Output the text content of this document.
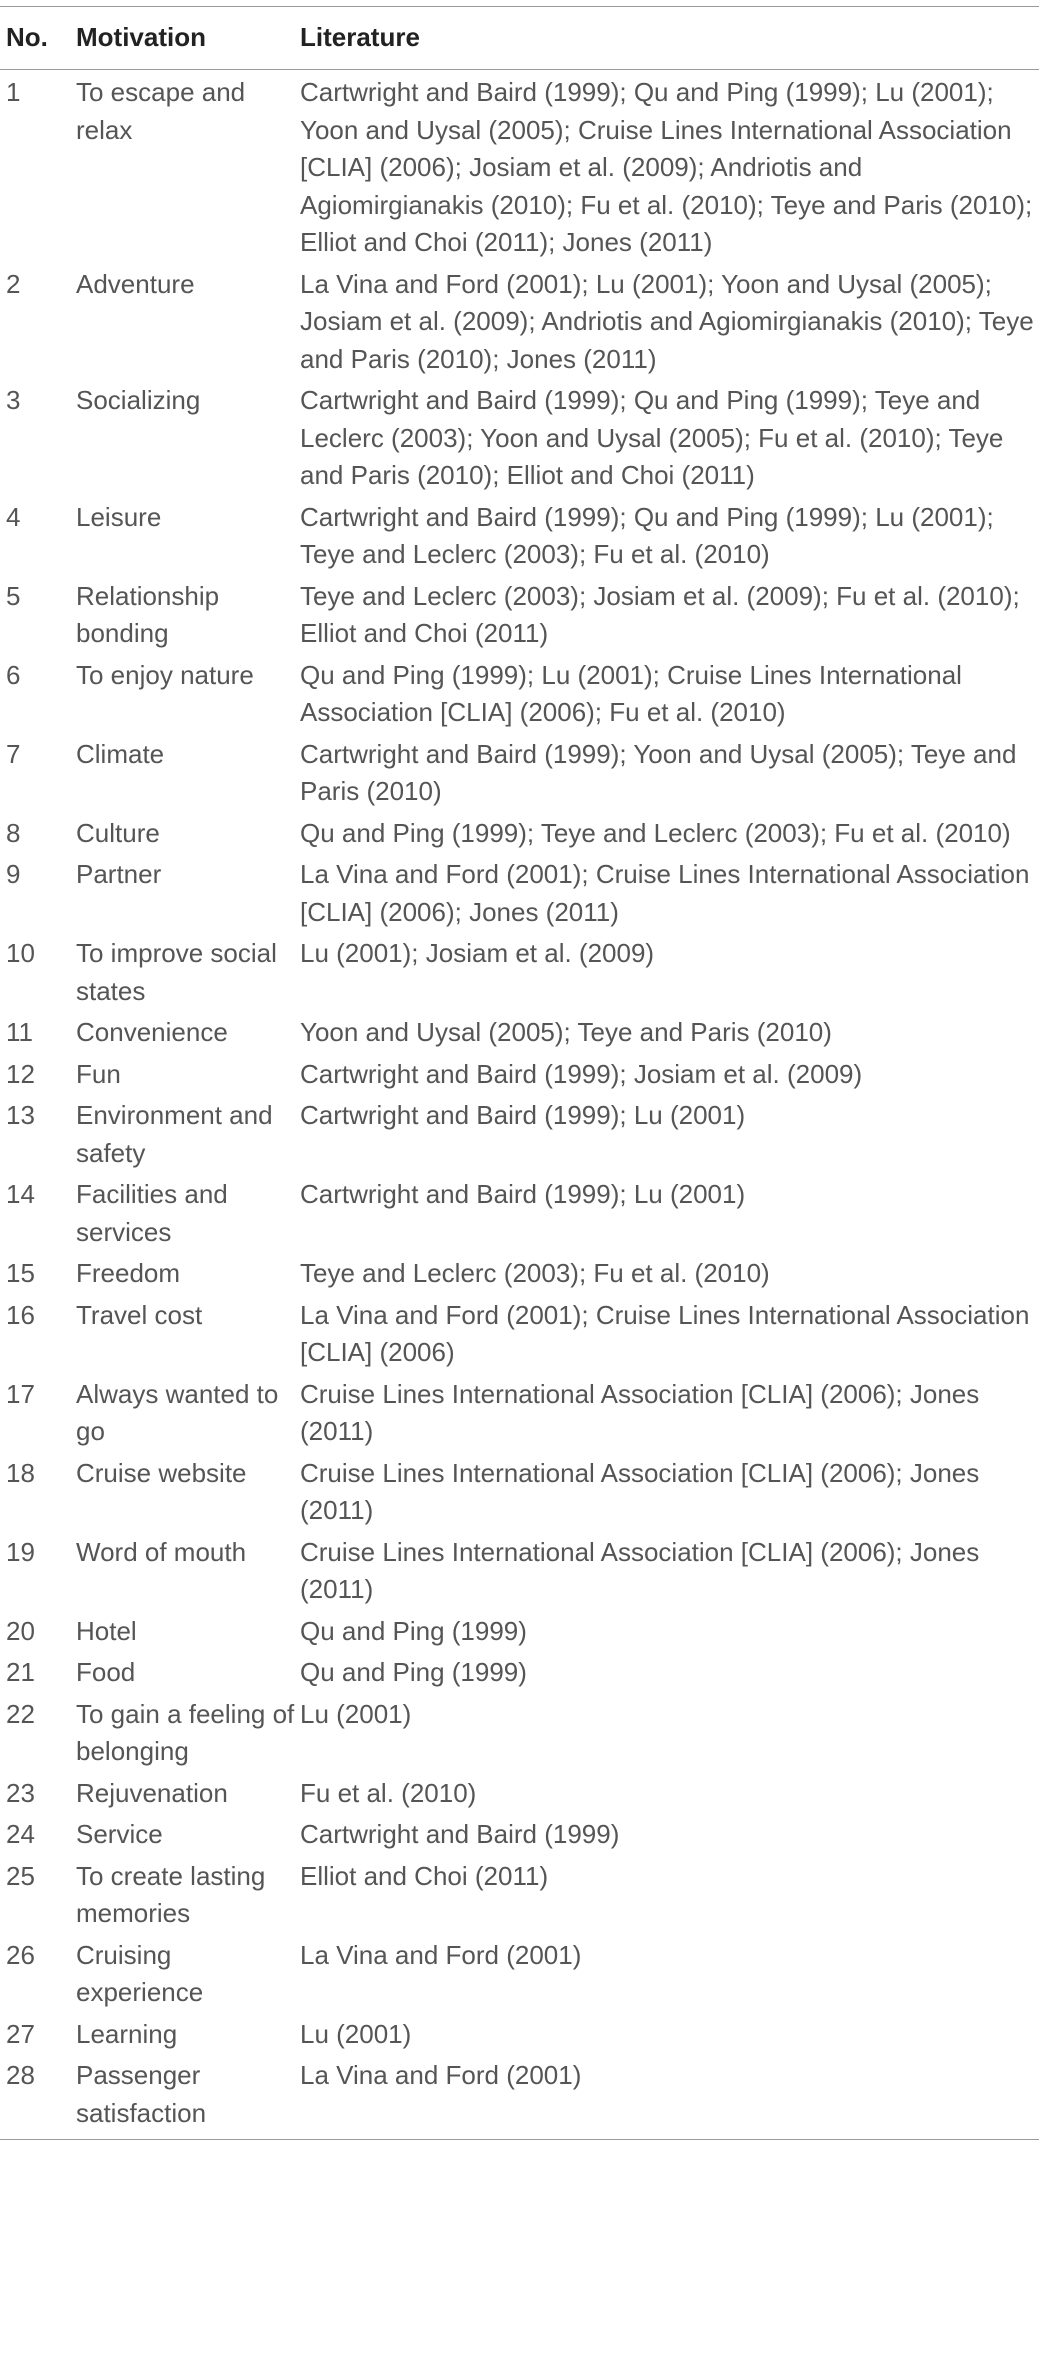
No.	Motivation	Literature
1	To escape and relax	Cartwright and Baird (1999); Qu and Ping (1999); Lu (2001); Yoon and Uysal (2005); Cruise Lines International Association [CLIA] (2006); Josiam et al. (2009); Andriotis and Agiomirgianakis (2010); Fu et al. (2010); Teye and Paris (2010); Elliot and Choi (2011); Jones (2011)
2	Adventure	La Vina and Ford (2001); Lu (2001); Yoon and Uysal (2005); Josiam et al. (2009); Andriotis and Agiomirgianakis (2010); Teye and Paris (2010); Jones (2011)
3	Socializing	Cartwright and Baird (1999); Qu and Ping (1999); Teye and Leclerc (2003); Yoon and Uysal (2005); Fu et al. (2010); Teye and Paris (2010); Elliot and Choi (2011)
4	Leisure	Cartwright and Baird (1999); Qu and Ping (1999); Lu (2001); Teye and Leclerc (2003); Fu et al. (2010)
5	Relationship bonding	Teye and Leclerc (2003); Josiam et al. (2009); Fu et al. (2010); Elliot and Choi (2011)
6	To enjoy nature	Qu and Ping (1999); Lu (2001); Cruise Lines International Association [CLIA] (2006); Fu et al. (2010)
7	Climate	Cartwright and Baird (1999); Yoon and Uysal (2005); Teye and Paris (2010)
8	Culture	Qu and Ping (1999); Teye and Leclerc (2003); Fu et al. (2010)
9	Partner	La Vina and Ford (2001); Cruise Lines International Association [CLIA] (2006); Jones (2011)
10	To improve social states	Lu (2001); Josiam et al. (2009)
11	Convenience	Yoon and Uysal (2005); Teye and Paris (2010)
12	Fun	Cartwright and Baird (1999); Josiam et al. (2009)
13	Environment and safety	Cartwright and Baird (1999); Lu (2001)
14	Facilities and services	Cartwright and Baird (1999); Lu (2001)
15	Freedom	Teye and Leclerc (2003); Fu et al. (2010)
16	Travel cost	La Vina and Ford (2001); Cruise Lines International Association [CLIA] (2006)
17	Always wanted to go	Cruise Lines International Association [CLIA] (2006); Jones (2011)
18	Cruise website	Cruise Lines International Association [CLIA] (2006); Jones (2011)
19	Word of mouth	Cruise Lines International Association [CLIA] (2006); Jones (2011)
20	Hotel	Qu and Ping (1999)
21	Food	Qu and Ping (1999)
22	To gain a feeling of belonging	Lu (2001)
23	Rejuvenation	Fu et al. (2010)
24	Service	Cartwright and Baird (1999)
25	To create lasting memories	Elliot and Choi (2011)
26	Cruising experience	La Vina and Ford (2001)
27	Learning	Lu (2001)
28	Passenger satisfaction	La Vina and Ford (2001)
